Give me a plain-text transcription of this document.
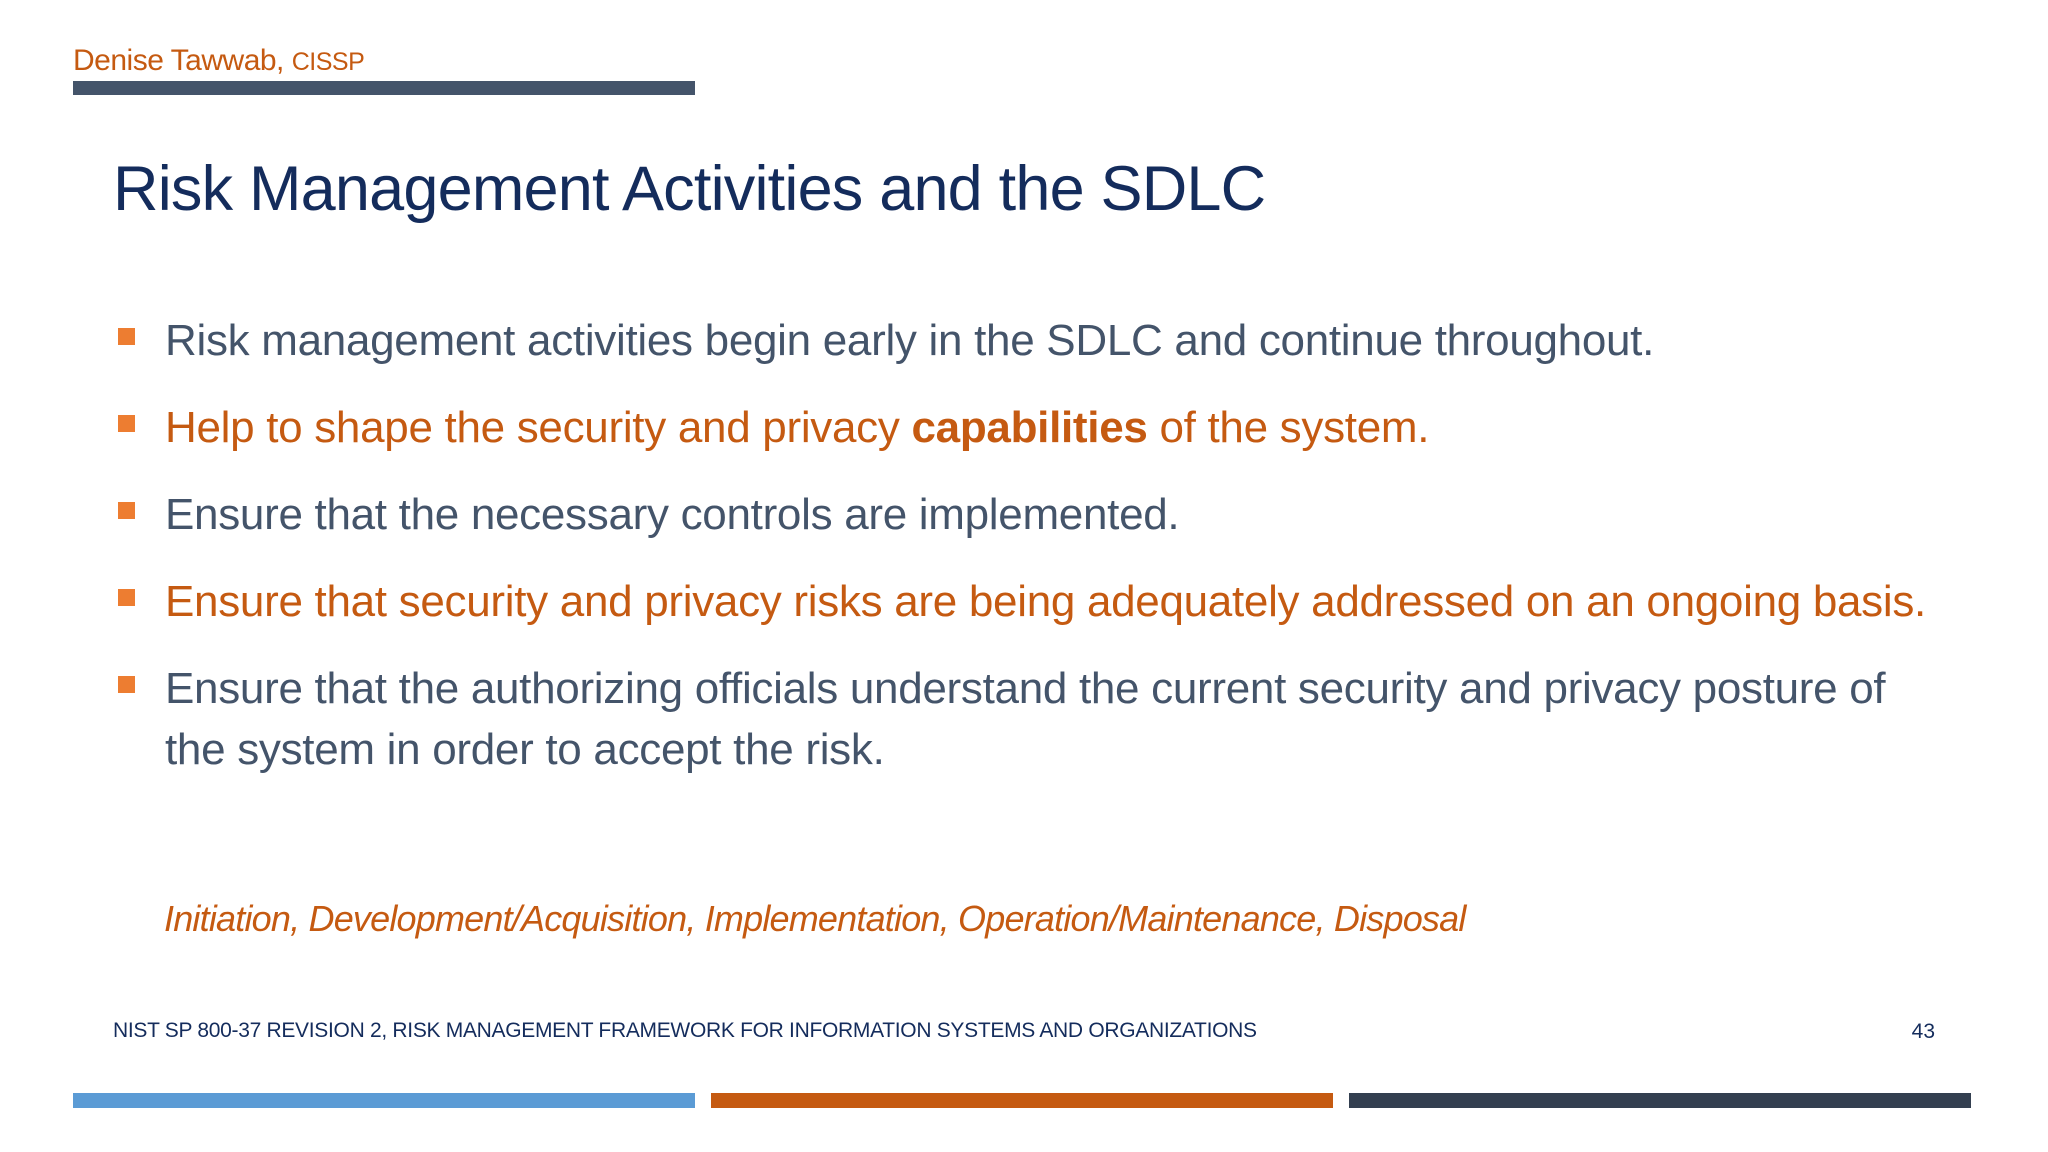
Denise Tawwab, CISSP
Risk Management Activities and the SDLC
Risk management activities begin early in the SDLC and continue throughout.
Help to shape the security and privacy capabilities of the system.
Ensure that the necessary controls are implemented.
Ensure that security and privacy risks are being adequately addressed on an ongoing basis.
Ensure that the authorizing officials understand the current security and privacy posture of the system in order to accept the risk.
Initiation, Development/Acquisition, Implementation, Operation/Maintenance, Disposal
NIST SP 800-37 REVISION 2, RISK MANAGEMENT FRAMEWORK FOR INFORMATION SYSTEMS AND ORGANIZATIONS	43
